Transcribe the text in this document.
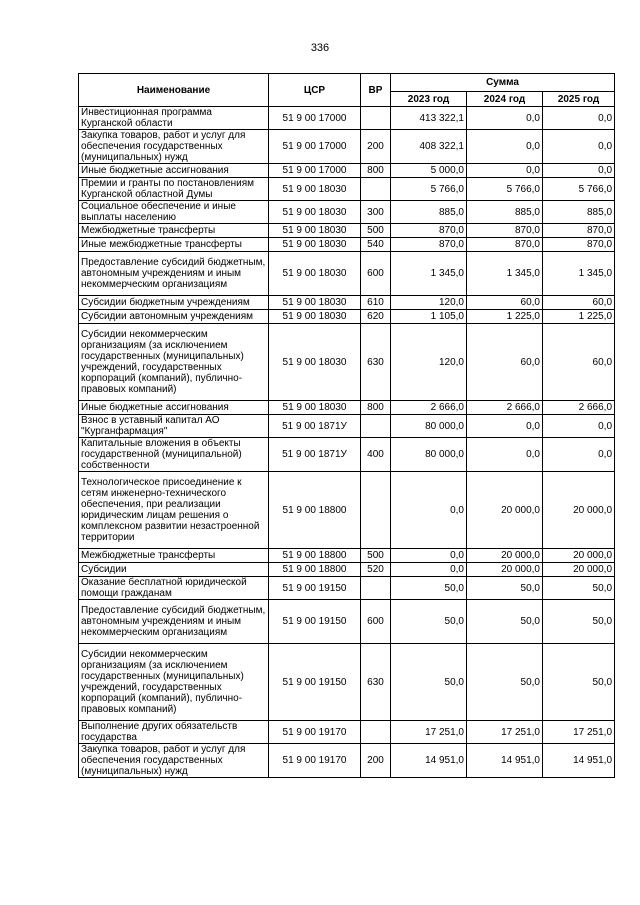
336
Наименование	ЦСР	ВР	Сумма		
			2023 год	2024 год	2025 год
Инвестиционная программа Курганской области	51 9 00 17000		413 322,1	0,0	0,0
Закупка товаров, работ и услуг для обеспечения государственных (муниципальных) нужд	51 9 00 17000	200	408 322,1	0,0	0,0
Иные бюджетные ассигнования	51 9 00 17000	800	5 000,0	0,0	0,0
Премии и гранты по постановлениям Курганской областной Думы	51 9 00 18030		5 766,0	5 766,0	5 766,0
Социальное обеспечение и иные выплаты населению	51 9 00 18030	300	885,0	885,0	885,0
Межбюджетные трансферты	51 9 00 18030	500	870,0	870,0	870,0
Иные межбюджетные трансферты	51 9 00 18030	540	870,0	870,0	870,0
Предоставление субсидий бюджетным, автономным учреждениям и иным некоммерческим организациям	51 9 00 18030	600	1 345,0	1 345,0	1 345,0
Субсидии бюджетным учреждениям	51 9 00 18030	610	120,0	60,0	60,0
Субсидии автономным учреждениям	51 9 00 18030	620	1 105,0	1 225,0	1 225,0
Субсидии некоммерческим организациям (за исключением государственных (муниципальных) учреждений, государственных корпораций (компаний), публично-правовых компаний)	51 9 00 18030	630	120,0	60,0	60,0
Иные бюджетные ассигнования	51 9 00 18030	800	2 666,0	2 666,0	2 666,0
Взнос в уставный капитал АО "Курганфармация"	51 9 00 1871У		80 000,0	0,0	0,0
Капитальные вложения в объекты государственной (муниципальной) собственности	51 9 00 1871У	400	80 000,0	0,0	0,0
Технологическое присоединение к сетям инженерно-технического обеспечения, при реализации юридическим лицам решения о комплексном развитии незастроенной территории	51 9 00 18800		0,0	20 000,0	20 000,0
Межбюджетные трансферты	51 9 00 18800	500	0,0	20 000,0	20 000,0
Субсидии	51 9 00 18800	520	0,0	20 000,0	20 000,0
Оказание бесплатной юридической помощи гражданам	51 9 00 19150		50,0	50,0	50,0
Предоставление субсидий бюджетным, автономным учреждениям и иным некоммерческим организациям	51 9 00 19150	600	50,0	50,0	50,0
Субсидии некоммерческим организациям (за исключением государственных (муниципальных) учреждений, государственных корпораций (компаний), публично-правовых компаний)	51 9 00 19150	630	50,0	50,0	50,0
Выполнение других обязательств государства	51 9 00 19170		17 251,0	17 251,0	17 251,0
Закупка товаров, работ и услуг для обеспечения государственных (муниципальных) нужд	51 9 00 19170	200	14 951,0	14 951,0	14 951,0
